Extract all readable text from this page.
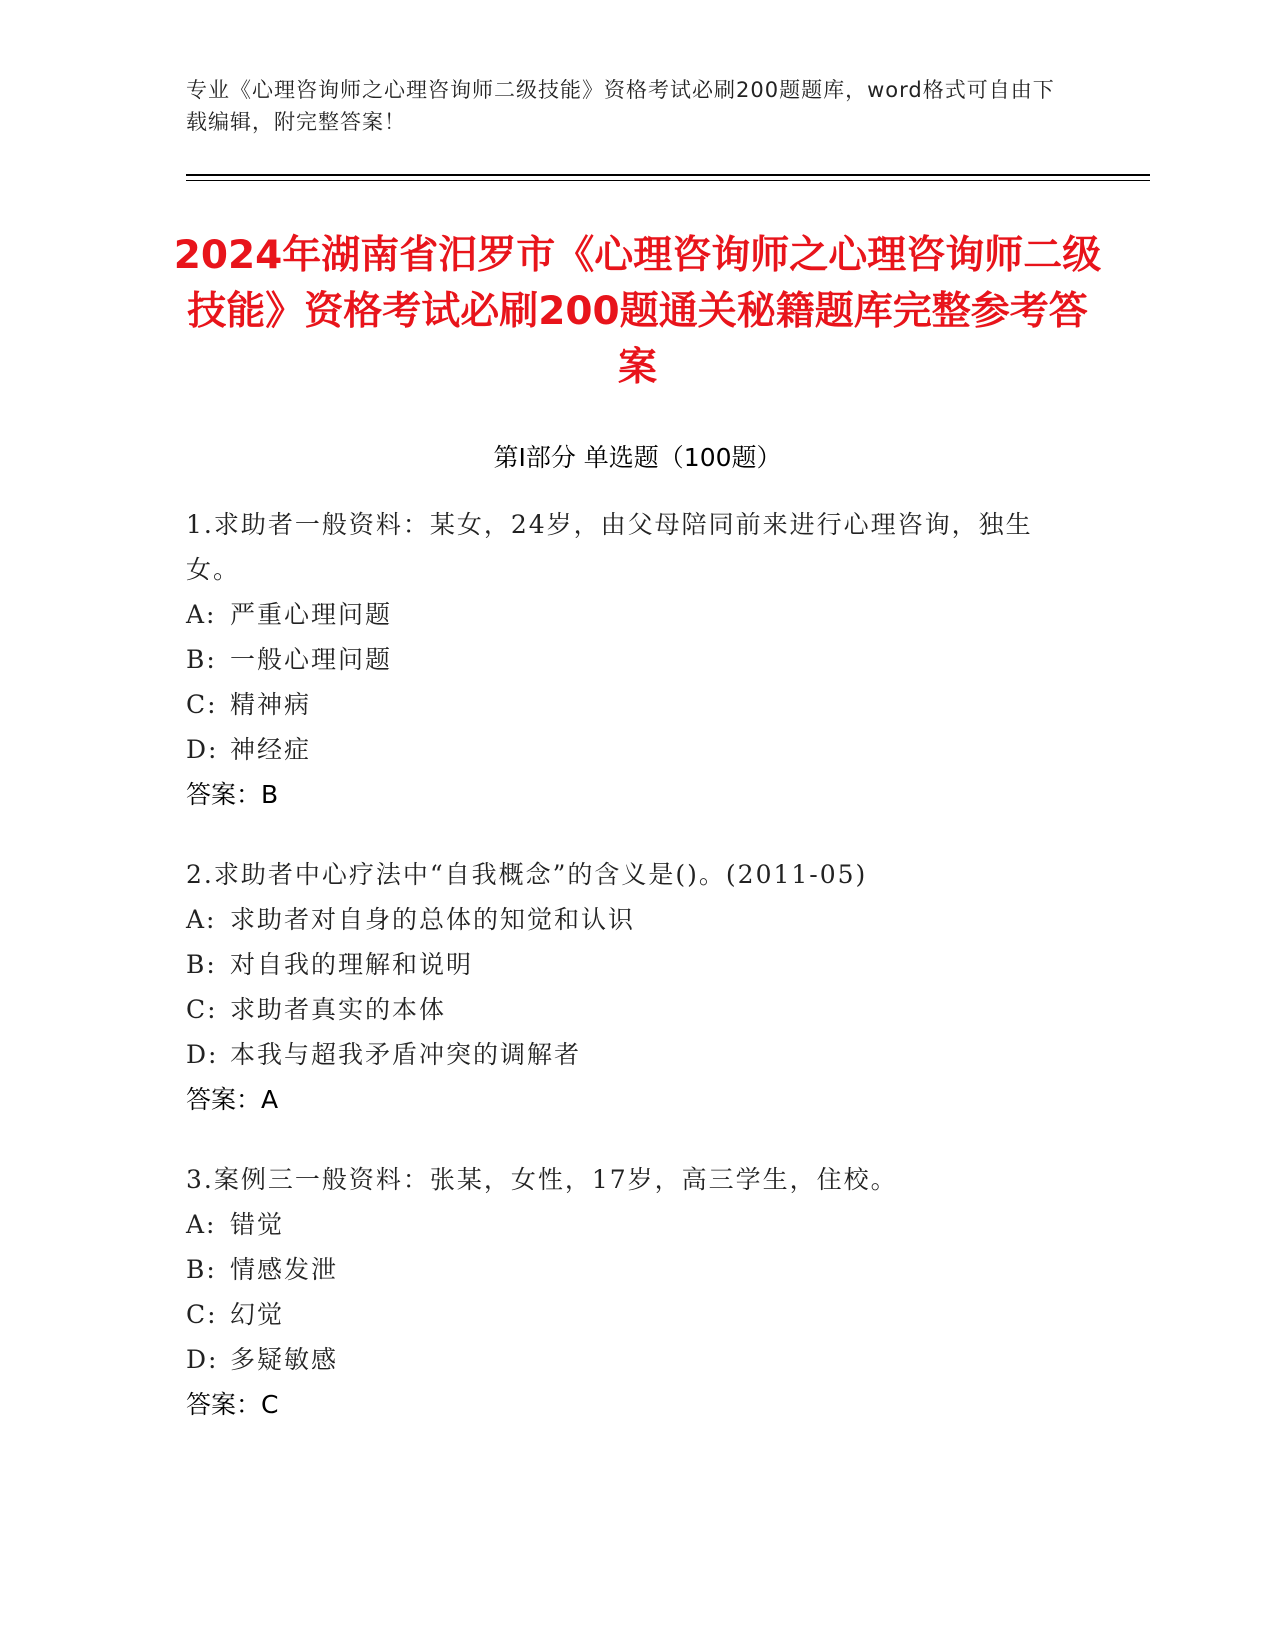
专业《心理咨询师之心理咨询师二级技能》资格考试必刷200题题库，word格式可自由下载编辑，附完整答案！
2024年湖南省汨罗市《心理咨询师之心理咨询师二级技能》资格考试必刷200题通关秘籍题库完整参考答案
第Ⅰ部分 单选题（100题）
1.求助者一般资料：某女，24岁，由父母陪同前来进行心理咨询，独生女。
A: 严重心理问题
B: 一般心理问题
C: 精神病
D: 神经症
答案：B
2.求助者中心疗法中“自我概念”的含义是()。(2011-05)
A: 求助者对自身的总体的知觉和认识
B: 对自我的理解和说明
C: 求助者真实的本体
D: 本我与超我矛盾冲突的调解者
答案：A
3.案例三一般资料：张某，女性，17岁，高三学生，住校。
A: 错觉
B: 情感发泄
C: 幻觉
D: 多疑敏感
答案：C
